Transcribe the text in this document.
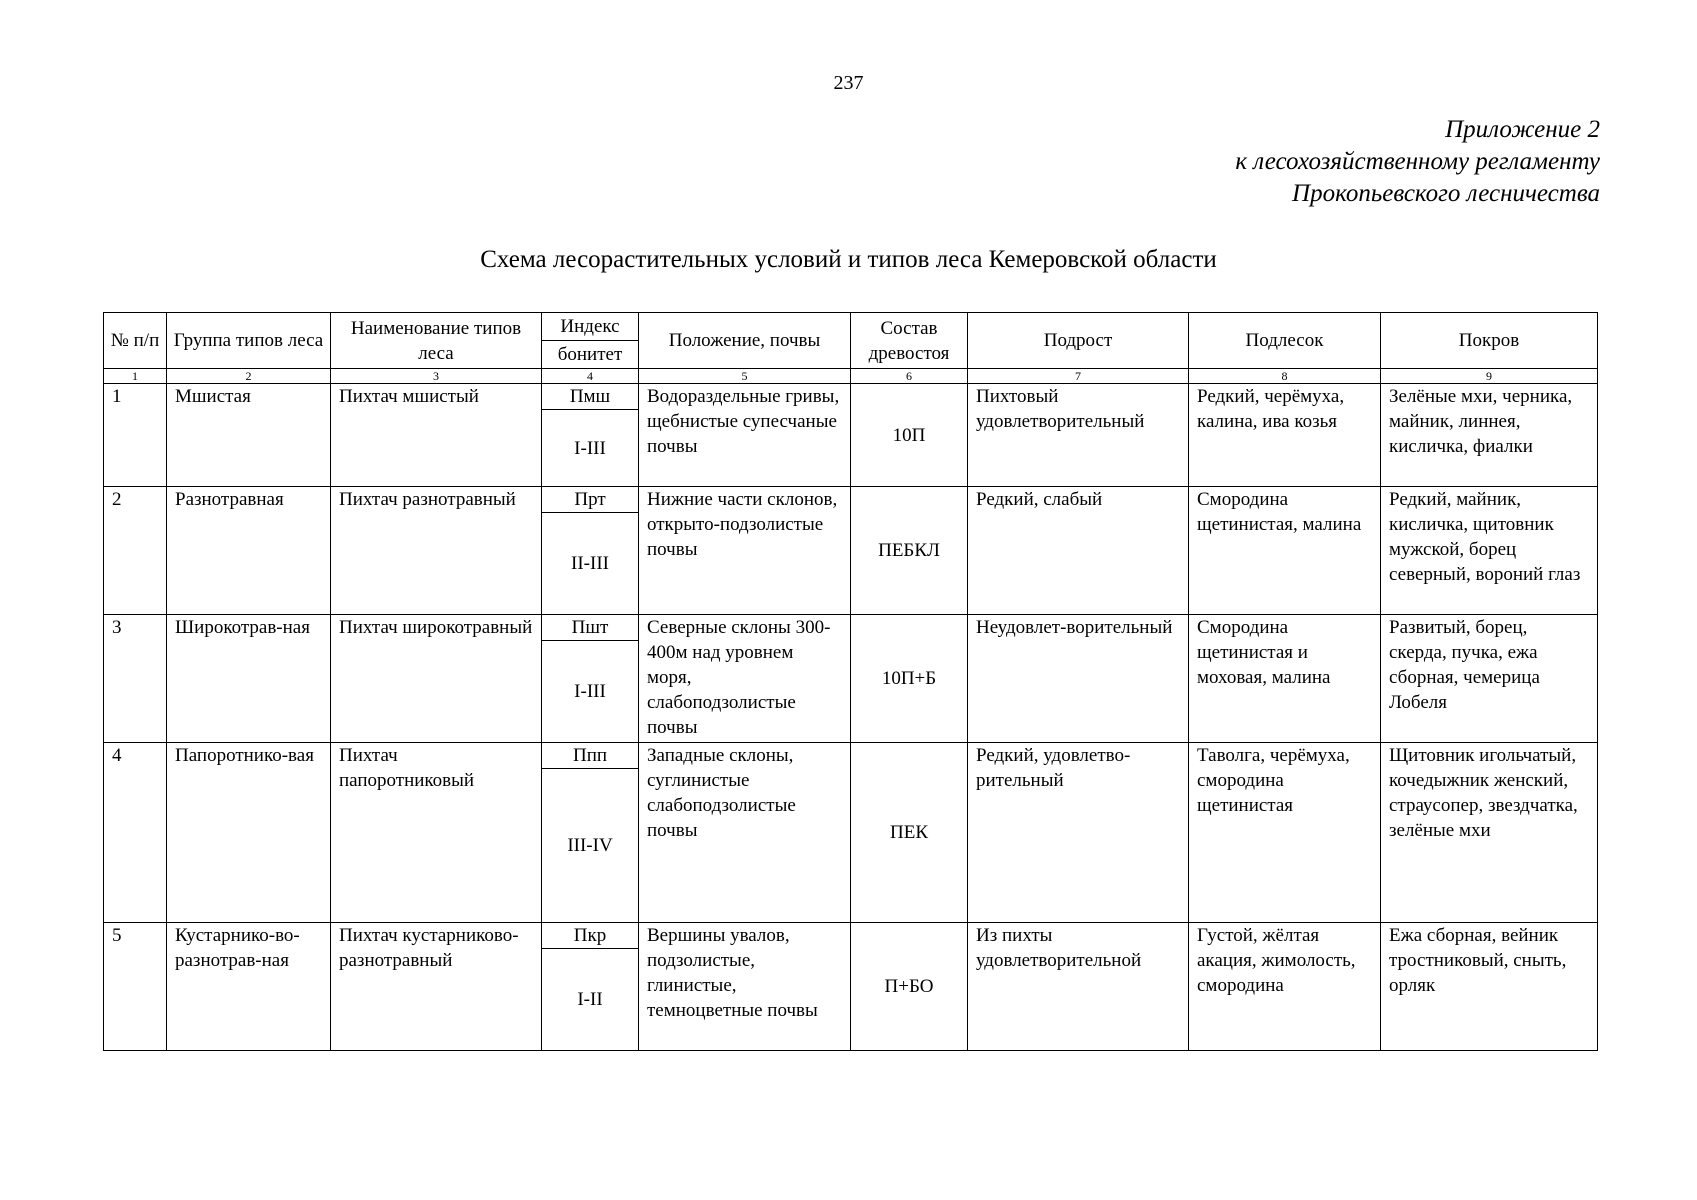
237
Приложение 2
к лесохозяйственному регламенту
Прокопьевского лесничества
Схема лесорастительных условий и типов леса Кемеровской области
№ п/п	Группа типов леса	Наименование типов леса	Индекс	Положение, почвы	Состав древостоя	Подрост	Подлесок	Покров
			бонитет					
1	2	3	4	5	6	7	8	9
1	Мшистая	Пихтач мшистый	Пмш	Водораздельные гривы, щебнистые супесчаные почвы	10П	Пихтовый удовлетворительный	Редкий, черёмуха, калина, ива козья	Зелёные мхи, черника, майник, линнея, кисличка, фиалки
			I-III					
2	Разнотравная	Пихтач разнотравный	Прт	Нижние части склонов, открыто-подзолистые почвы	ПЕБКЛ	Редкий, слабый	Смородина щетинистая, малина	Редкий, майник, кисличка, щитовник мужской, борец северный, вороний глаз
			II-III					
3	Широкотрав-ная	Пихтач широкотравный	Пшт	Северные склоны 300-400м над уровнем моря, слабоподзолистые почвы	10П+Б	Неудовлет-ворительный	Смородина щетинистая и моховая, малина	Развитый, борец, скерда, пучка, ежа сборная, чемерица Лобеля
			I-III					
4	Папоротнико-вая	Пихтач папоротниковый	Ппп	Западные склоны, суглинистые слабоподзолистые почвы	ПЕК	Редкий, удовлетво-рительный	Таволга, черёмуха, смородина щетинистая	Щитовник игольчатый, кочедыжник женский, страусопер, звездчатка, зелёные мхи
			III-IV					
5	Кустарнико-во-разнотрав-ная	Пихтач кустарниково-разнотравный	Пкр	Вершины увалов, подзолистые, глинистые, темноцветные почвы	П+БО	Из пихты удовлетворительной	Густой, жёлтая акация, жимолость, смородина	Ежа сборная, вейник тростниковый, сныть, орляк
			I-II					
